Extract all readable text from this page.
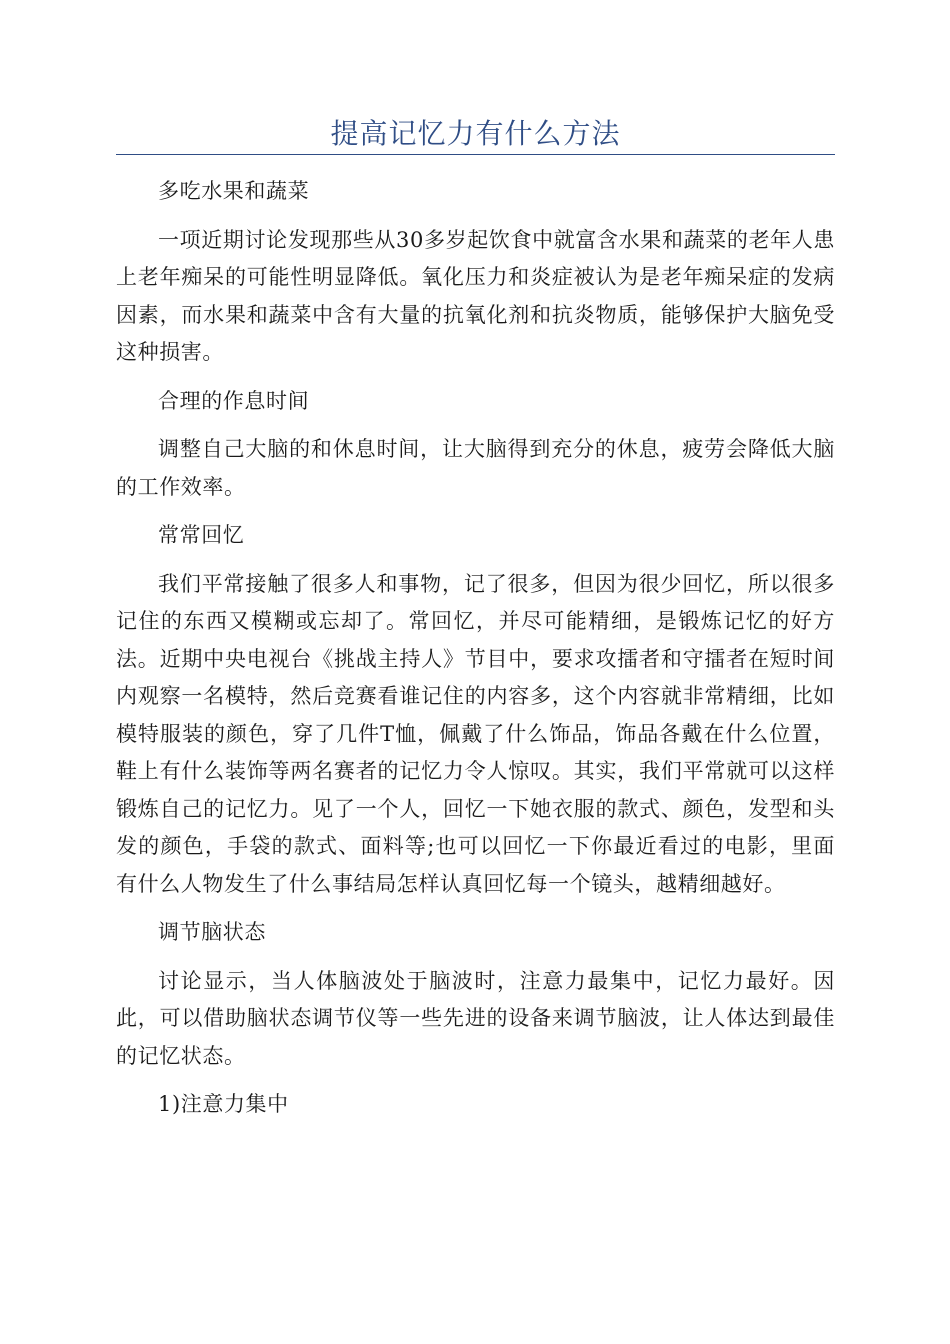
提高记忆力有什么方法

多吃水果和蔬菜

一项近期讨论发现那些从30多岁起饮食中就富含水果和蔬菜的老年人患上老年痴呆的可能性明显降低。氧化压力和炎症被认为是老年痴呆症的发病因素，而水果和蔬菜中含有大量的抗氧化剂和抗炎物质，能够保护大脑免受这种损害。

合理的作息时间

调整自己大脑的和休息时间，让大脑得到充分的休息，疲劳会降低大脑的工作效率。

常常回忆

我们平常接触了很多人和事物，记了很多，但因为很少回忆，所以很多记住的东西又模糊或忘却了。常回忆，并尽可能精细，是锻炼记忆的好方法。近期中央电视台《挑战主持人》节目中，要求攻擂者和守擂者在短时间内观察一名模特，然后竞赛看谁记住的内容多，这个内容就非常精细，比如模特服装的颜色，穿了几件T恤，佩戴了什么饰品，饰品各戴在什么位置，鞋上有什么装饰等两名赛者的记忆力令人惊叹。其实，我们平常就可以这样锻炼自己的记忆力。见了一个人，回忆一下她衣服的款式、颜色，发型和头发的颜色，手袋的款式、面料等;也可以回忆一下你最近看过的电影，里面有什么人物发生了什么事结局怎样认真回忆每一个镜头，越精细越好。

调节脑状态

讨论显示，当人体脑波处于脑波时，注意力最集中，记忆力最好。因此，可以借助脑状态调节仪等一些先进的设备来调节脑波，让人体达到最佳的记忆状态。

1)注意力集中
